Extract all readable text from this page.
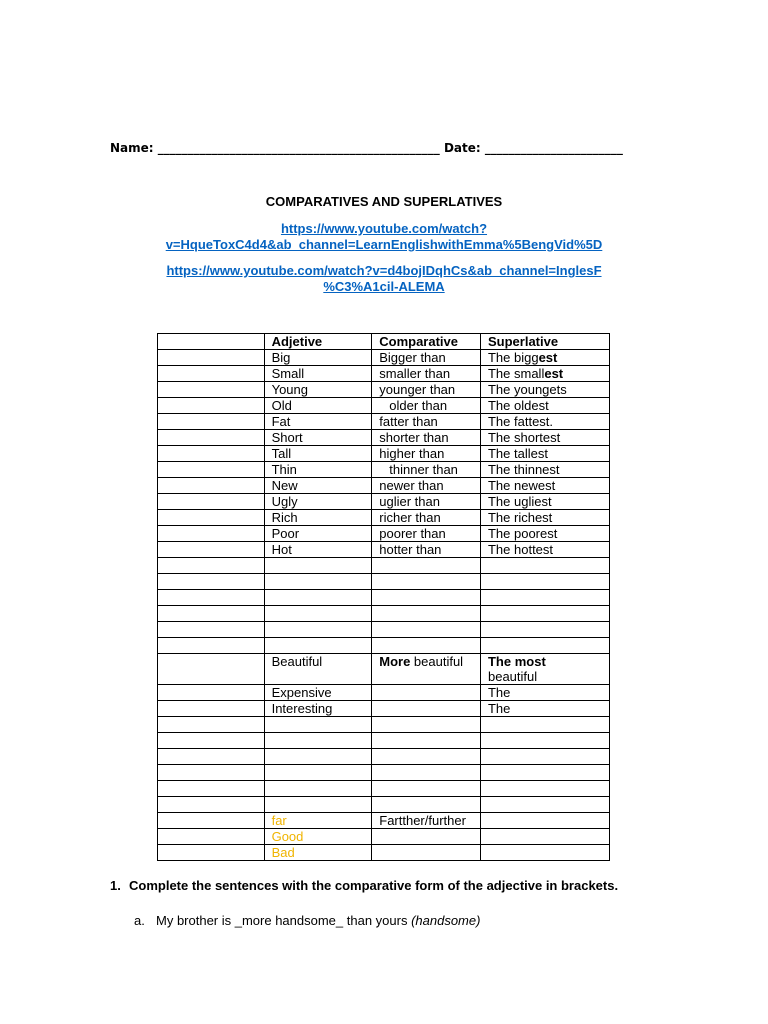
Name: _______________________________________________ Date: _______________________
COMPARATIVES AND SUPERLATIVES
https://www.youtube.com/watch?
v=HqueToxC4d4&ab_channel=LearnEnglishwithEmma%5BengVid%5D
https://www.youtube.com/watch?v=d4bojIDqhCs&ab_channel=InglesF
%C3%A1cil-ALEMA
	Adjetive	Comparative	Superlative
	Big	Bigger than	The biggest
	Small	smaller than	The smallest
	Young	younger than	The youngets
	Old	older than	The oldest
	Fat	fatter than	The fattest.
	Short	shorter than	The shortest
	Tall	higher than	The tallest
	Thin	thinner than	The thinnest
	New	newer than	The newest
	Ugly	uglier than	The ugliest
	Rich	richer than	The richest
	Poor	poorer than	The poorest
	Hot	hotter than	The hottest

	Beautiful	More beautiful	The most
beautiful
	Expensive		The
	Interesting		The

	far	Fartther/further	
	Good		
	Bad		
1. Complete the sentences with the comparative form of the adjective in brackets.
a. My brother is _more handsome_ than yours (handsome)
